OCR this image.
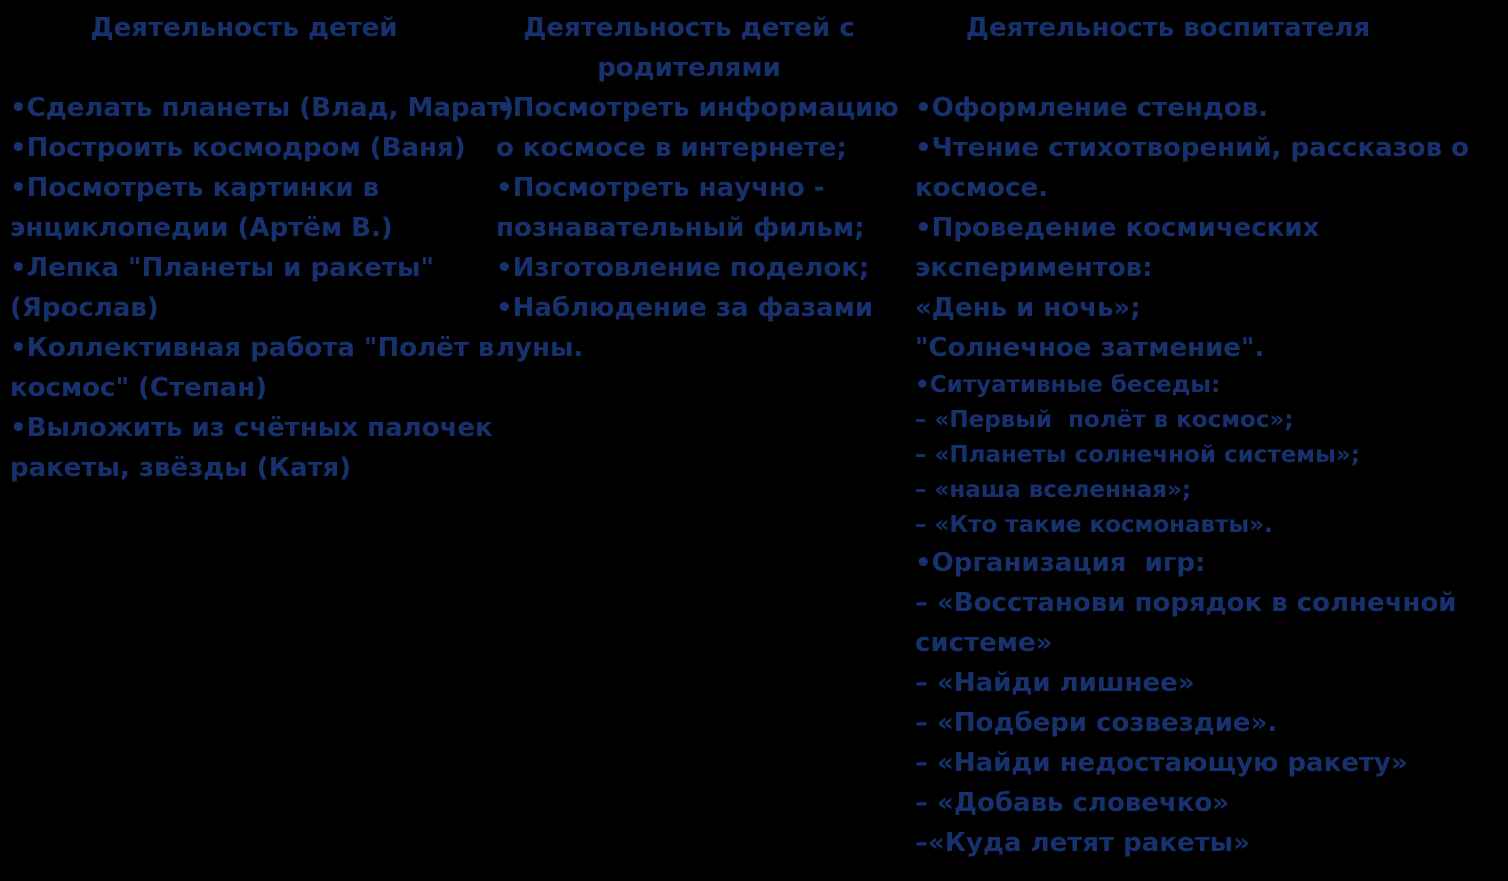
Деятельность детей
•Сделать планеты (Влад, Марат)
•Построить космодром (Ваня)
•Посмотреть картинки в
энциклопедии (Артём В.)
•Лепка "Планеты и ракеты"
(Ярослав)
•Коллективная работа "Полёт в
космос" (Степан)
•Выложить из счётных палочек
ракеты, звёзды (Катя)
Деятельность детей с
родителями
•Посмотреть информацию
о космосе в интернете;
•Посмотреть научно -
познавательный фильм;
•Изготовление поделок;
•Наблюдение за фазами
луны.
Деятельность воспитателя
•Оформление стендов.
•Чтение стихотворений, рассказов о
космосе.
•Проведение космических
экспериментов:
«День и ночь»;
"Солнечное затмение".
•Ситуативные беседы:
– «Первый  полёт в космос»;
– «Планеты солнечной системы»;
– «наша вселенная»;
– «Кто такие космонавты».
•Организация  игр:
– «Восстанови порядок в солнечной
системе»
– «Найди лишнее»
– «Подбери созвездие».
– «Найди недостающую ракету»
– «Добавь словечко»
–«Куда летят ракеты»
